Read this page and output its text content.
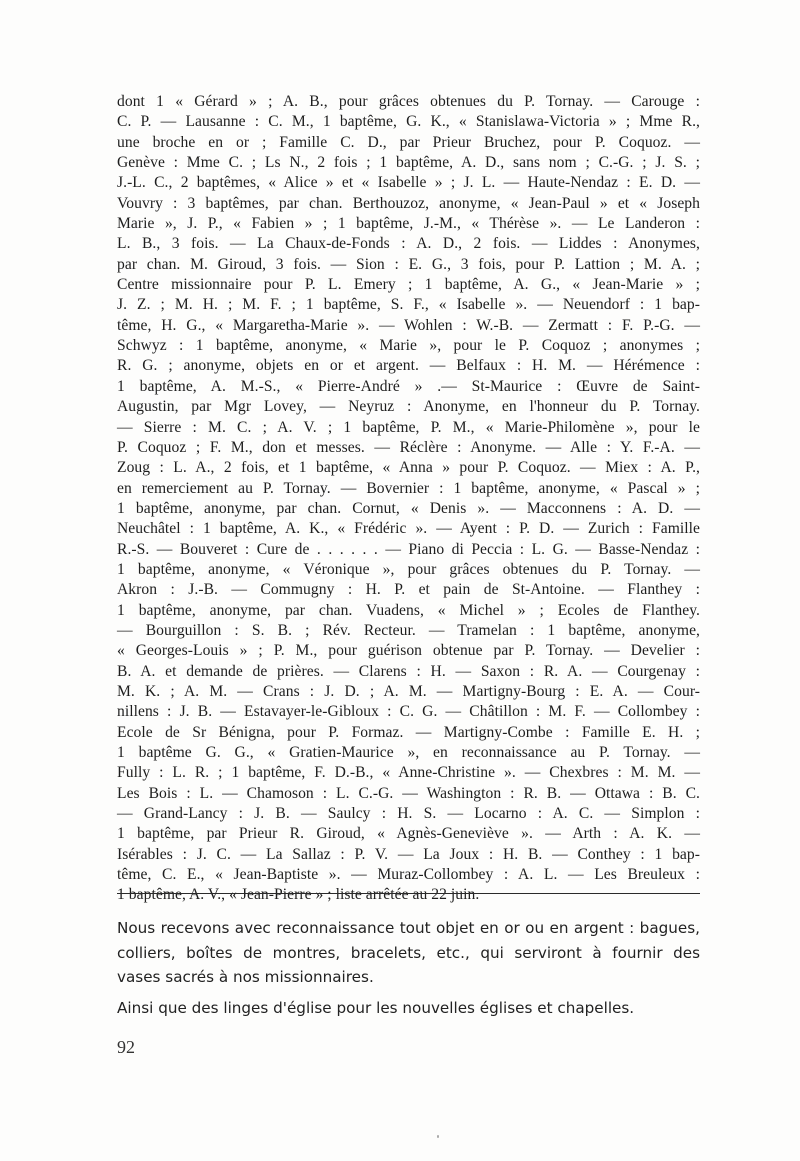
dont 1 « Gérard » ; A. B., pour grâces obtenues du P. Tornay. — Carouge :
C. P. — Lausanne : C. M., 1 baptême, G. K., « Stanislawa-Victoria » ; Mme R.,
une broche en or ; Famille C. D., par Prieur Bruchez, pour P. Coquoz. —
Genève : Mme C. ; Ls N., 2 fois ; 1 baptême, A. D., sans nom ; C.-G. ; J. S. ;
J.-L. C., 2 baptêmes, « Alice » et « Isabelle » ; J. L. — Haute-Nendaz : E. D. —
Vouvry : 3 baptêmes, par chan. Berthouzoz, anonyme, « Jean-Paul » et « Joseph
Marie », J. P., « Fabien » ; 1 baptême, J.-M., « Thérèse ». — Le Landeron :
L. B., 3 fois. — La Chaux-de-Fonds : A. D., 2 fois. — Liddes : Anonymes,
par chan. M. Giroud, 3 fois. — Sion : E. G., 3 fois, pour P. Lattion ; M. A. ;
Centre missionnaire pour P. L. Emery ; 1 baptême, A. G., « Jean-Marie » ;
J. Z. ; M. H. ; M. F. ; 1 baptême, S. F., « Isabelle ». — Neuendorf : 1 bap-
tême, H. G., « Margaretha-Marie ». — Wohlen : W.-B. — Zermatt : F. P.-G. —
Schwyz : 1 baptême, anonyme, « Marie », pour le P. Coquoz ; anonymes ;
R. G. ; anonyme, objets en or et argent. — Belfaux : H. M. — Hérémence :
1 baptême, A. M.-S., « Pierre-André » .— St-Maurice : Œuvre de Saint-
Augustin, par Mgr Lovey, — Neyruz : Anonyme, en l'honneur du P. Tornay.
— Sierre : M. C. ; A. V. ; 1 baptême, P. M., « Marie-Philomène », pour le
P. Coquoz ; F. M., don et messes. — Réclère : Anonyme. — Alle : Y. F.-A. —
Zoug : L. A., 2 fois, et 1 baptême, « Anna » pour P. Coquoz. — Miex : A. P.,
en remerciement au P. Tornay. — Bovernier : 1 baptême, anonyme, « Pascal » ;
1 baptême, anonyme, par chan. Cornut, « Denis ». — Macconnens : A. D. —
Neuchâtel : 1 baptême, A. K., « Frédéric ». — Ayent : P. D. — Zurich : Famille
R.-S. — Bouveret : Cure de . . . . . . — Piano di Peccia : L. G. — Basse-Nendaz :
1 baptême, anonyme, « Véronique », pour grâces obtenues du P. Tornay. —
Akron : J.-B. — Commugny : H. P. et pain de St-Antoine. — Flanthey :
1 baptême, anonyme, par chan. Vuadens, « Michel » ; Ecoles de Flanthey.
— Bourguillon : S. B. ; Rév. Recteur. — Tramelan : 1 baptême, anonyme,
« Georges-Louis » ; P. M., pour guérison obtenue par P. Tornay. — Develier :
B. A. et demande de prières. — Clarens : H. — Saxon : R. A. — Courgenay :
M. K. ; A. M. — Crans : J. D. ; A. M. — Martigny-Bourg : E. A. — Cour-
nillens : J. B. — Estavayer-le-Gibloux : C. G. — Châtillon : M. F. — Collombey :
Ecole de Sr Bénigna, pour P. Formaz. — Martigny-Combe : Famille E. H. ;
1 baptême G. G., « Gratien-Maurice », en reconnaissance au P. Tornay. —
Fully : L. R. ; 1 baptême, F. D.-B., « Anne-Christine ». — Chexbres : M. M. —
Les Bois : L. — Chamoson : L. C.-G. — Washington : R. B. — Ottawa : B. C.
— Grand-Lancy : J. B. — Saulcy : H. S. — Locarno : A. C. — Simplon :
1 baptême, par Prieur R. Giroud, « Agnès-Geneviève ». — Arth : A. K. —
Isérables : J. C. — La Sallaz : P. V. — La Joux : H. B. — Conthey : 1 bap-
tême, C. E., « Jean-Baptiste ». — Muraz-Collombey : A. L. — Les Breuleux :
1 baptême, A. V., « Jean-Pierre » ; liste arrêtée au 22 juin.

Nous recevons avec reconnaissance tout objet en or ou en argent : bagues,
colliers, boîtes de montres, bracelets, etc., qui serviront à fournir des
vases sacrés à nos missionnaires.

Ainsi que des linges d'église pour les nouvelles églises et chapelles.

92
